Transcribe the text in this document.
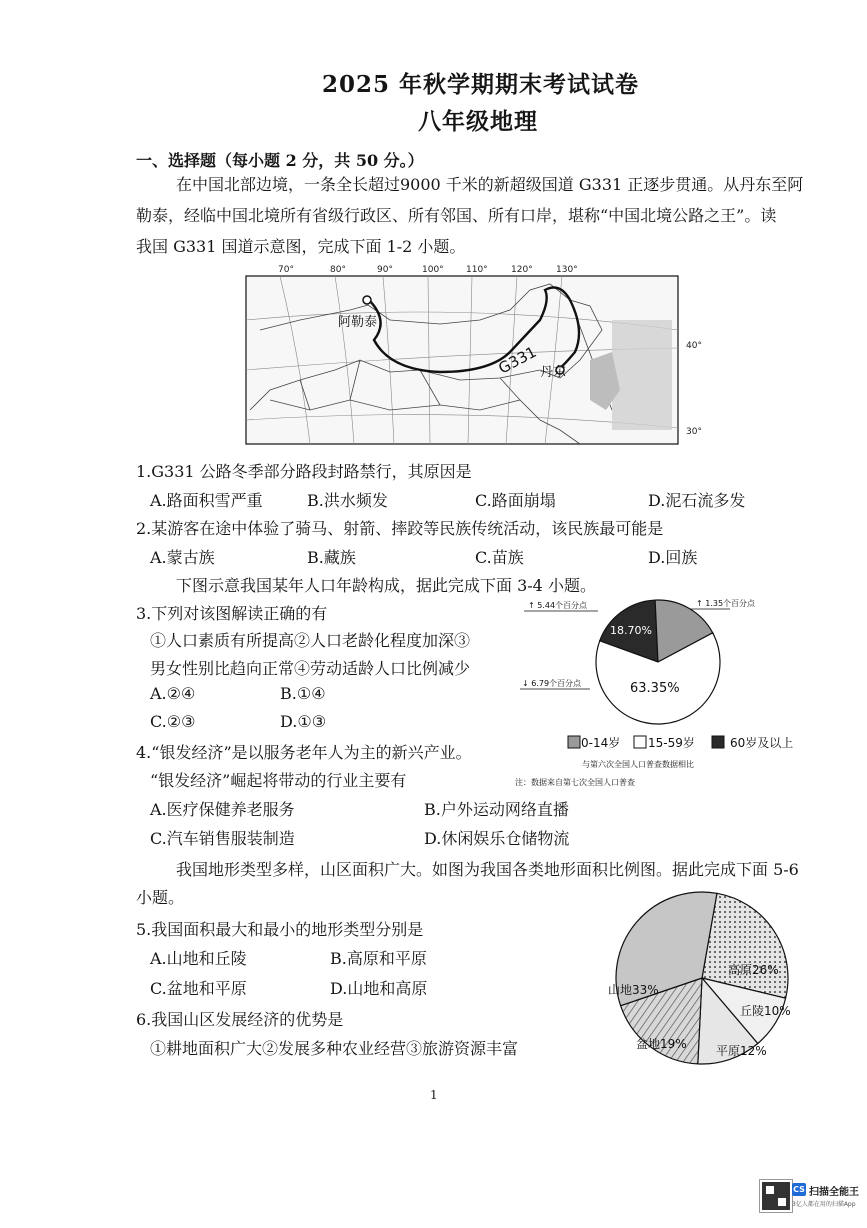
2025 年秋学期期末考试试卷
八年级地理
一、选择题（每小题 2 分，共 50 分。）
在中国北部边境，一条全长超过9000 千米的新超级国道 G331 正逐步贯通。从丹东至阿
勒泰，经临中国北境所有省级行政区、所有邻国、所有口岸，堪称“中国北境公路之王”。读
我国 G331 国道示意图，完成下面 1-2 小题。
70°	80°	90°	100° 110°	120°	130°
40°
30°
阿勒泰
丹东
G331
1.G331 公路冬季部分路段封路禁行，其原因是
A.路面积雪严重	B.洪水频发	C.路面崩塌	D.泥石流多发
2.某游客在途中体验了骑马、射箭、摔跤等民族传统活动，该民族最可能是
A.蒙古族	B.藏族	C.苗族	D.回族
下图示意我国某年人口年龄构成，据此完成下面 3-4 小题。
3.下列对该图解读正确的有
①人口素质有所提高②人口老龄化程度加深③
男女性别比趋向正常④劳动适龄人口比例减少
A.②④	B.①④
C.②③	D.①③
18.70%
63.35%
↑ 5.44个百分点	↑ 1.35个百分点
↓ 6.79个百分点
0-14岁 15-59岁	60岁及以上
与第六次全国人口普查数据相比
注：数据来自第七次全国人口普查
4.“银发经济”是以服务老年人为主的新兴产业。
“银发经济”崛起将带动的行业主要有
A.医疗保健养老服务	B.户外运动网络直播
C.汽车销售服装制造	D.休闲娱乐仓储物流
我国地形类型多样，山区面积广大。如图为我国各类地形面积比例图。据此完成下面 5-6
小题。
5.我国面积最大和最小的地形类型分别是
A.山地和丘陵	B.高原和平原
C.盆地和平原	D.山地和高原
6.我国山区发展经济的优势是
①耕地面积广大②发展多种农业经营③旅游资源丰富
高原26%
山地33%
丘陵10%
盆地19% 平原12%
1
CS 扫描全能王
3亿人都在用的扫描App
